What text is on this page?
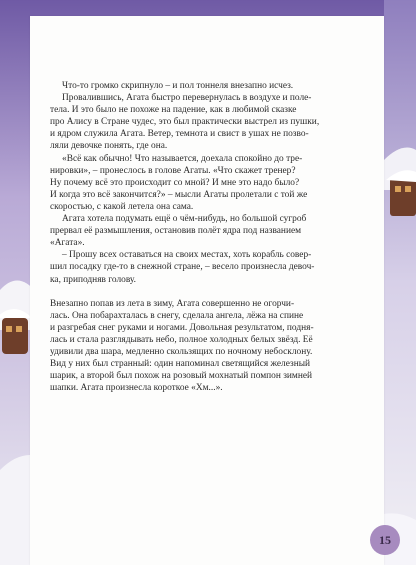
Что-то громко скрипнуло – и пол тоннеля внезапно исчез.
Провалившись, Агата быстро перевернулась в воздухе и поле-
тела. И это было не похоже на падение, как в любимой сказке
про Алису в Стране чудес, это был практически выстрел из пушки,
и ядром служила Агата. Ветер, темнота и свист в ушах не позво-
ляли девочке понять, где она.
«Всё как обычно! Что называется, доехала спокойно до тре-
нировки», – пронеслось в голове Агаты. «Что скажет тренер?
Ну почему всё это происходит со мной? И мне это надо было?
И когда это всё закончится?» – мысли Агаты пролетали с той же
скоростью, с какой летела она сама.
Агата хотела подумать ещё о чём-нибудь, но большой сугроб
прервал её размышления, остановив полёт ядра под названием
«Агата».
– Прошу всех оставаться на своих местах, хоть корабль совер-
шил посадку где-то в снежной стране, – весело произнесла девоч-
ка, приподняв голову.
Внезапно попав из лета в зиму, Агата совершенно не огорчи-
лась. Она побарахталась в снегу, сделала ангела, лёжа на спине
и разгребая снег руками и ногами. Довольная результатом, подня-
лась и стала разглядывать небо, полное холодных белых звёзд. Её
удивили два шара, медленно скользящих по ночному небосклону.
Вид у них был странный: один напоминал светящийся железный
шарик, а второй был похож на розовый мохнатый помпон зимней
шапки. Агата произнесла короткое «Хм...».
15
